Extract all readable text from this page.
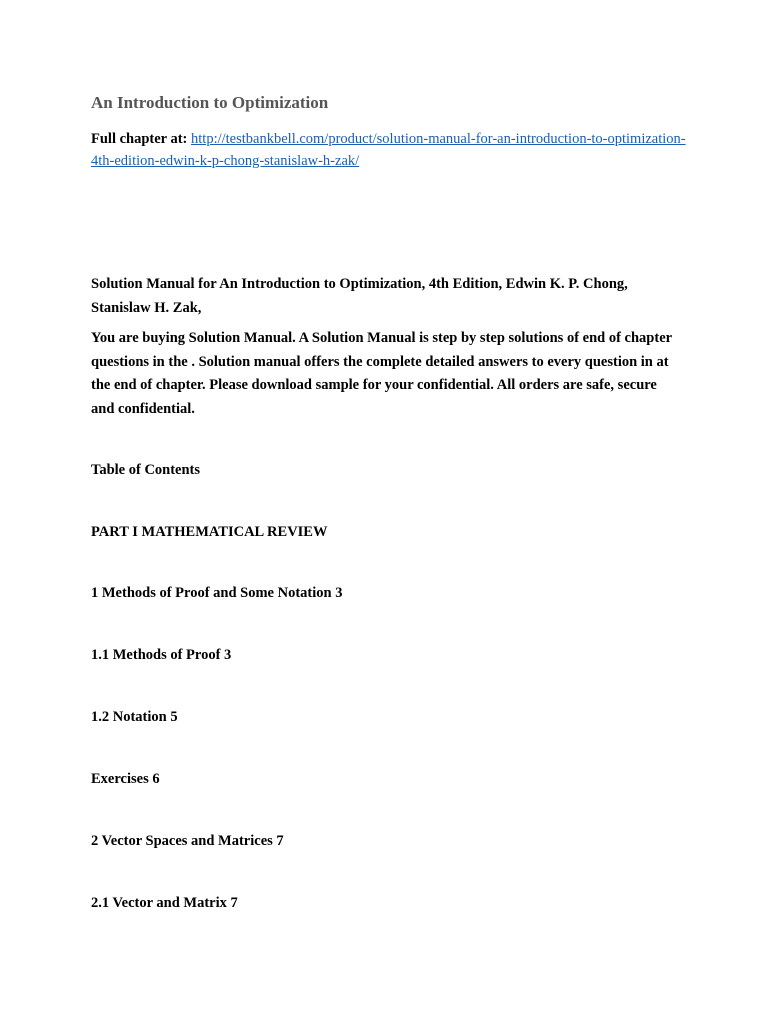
An Introduction to Optimization

Full chapter at: http://testbankbell.com/product/solution-manual-for-an-introduction-to-optimization-4th-edition-edwin-k-p-chong-stanislaw-h-zak/

Solution Manual for An Introduction to Optimization, 4th Edition, Edwin K. P. Chong, Stanislaw H. Zak,

You are buying Solution Manual. A Solution Manual is step by step solutions of end of chapter questions in the . Solution manual offers the complete detailed answers to every question in at the end of chapter. Please download sample for your confidential. All orders are safe, secure and confidential.

Table of Contents

PART I MATHEMATICAL REVIEW

1 Methods of Proof and Some Notation 3

1.1 Methods of Proof 3

1.2 Notation 5

Exercises 6

2 Vector Spaces and Matrices 7

2.1 Vector and Matrix 7
